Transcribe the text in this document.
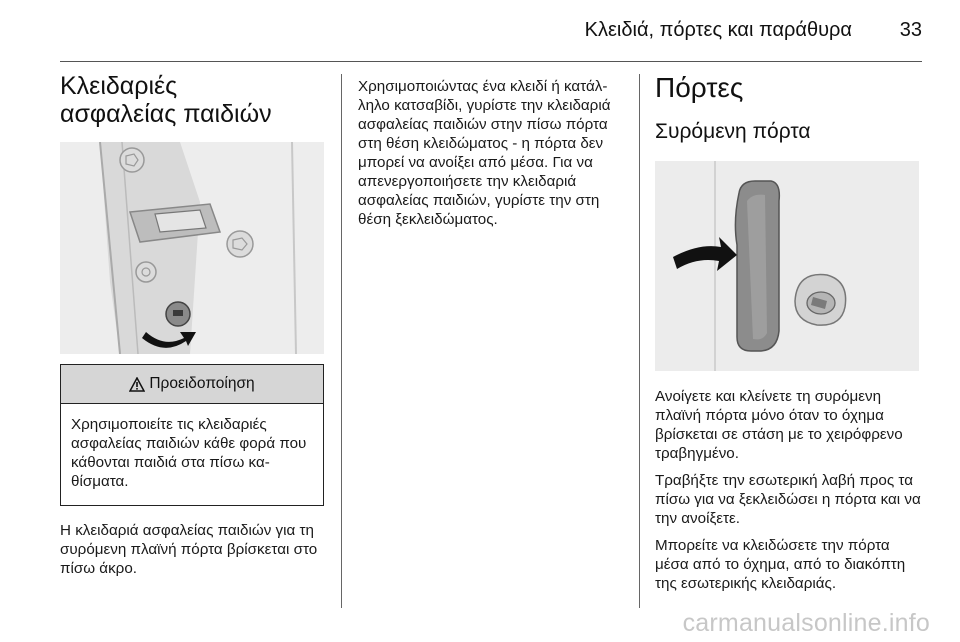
Κλειδιά, πόρτες και παράθυρα 33
Κλειδαριές ασφαλείας παιδιών
Προειδοποίηση

Χρησιμοποιείτε τις κλειδαριές ασφαλείας παιδιών κάθε φορά που κάθονται παιδιά στα πίσω κα- θίσματα.

Η κλειδαριά ασφαλείας παιδιών για τη συρόμενη πλαϊνή πόρτα βρίσκεται στο πίσω άκρο.

Χρησιμοποιώντας ένα κλειδί ή κατάλ- ληλο κατσαβίδι, γυρίστε την κλειδαριά ασφαλείας παιδιών στην πίσω πόρτα στη θέση κλειδώματος - η πόρτα δεν μπορεί να ανοίξει από μέσα. Για να απενεργοποιήσετε την κλειδαριά ασφαλείας παιδιών, γυρίστε την στη θέση ξεκλειδώματος.

Πόρτες
Συρόμενη πόρτα

Ανοίγετε και κλείνετε τη συρόμενη πλαϊνή πόρτα μόνο όταν το όχημα βρίσκεται σε στάση με το χειρόφρενο τραβηγμένο.

Τραβήξτε την εσωτερική λαβή προς τα πίσω για να ξεκλειδώσει η πόρτα και να την ανοίξετε.

Μπορείτε να κλειδώσετε την πόρτα μέσα από το όχημα, από το διακόπτη της εσωτερικής κλειδαριάς.

carmanualsonline.info
